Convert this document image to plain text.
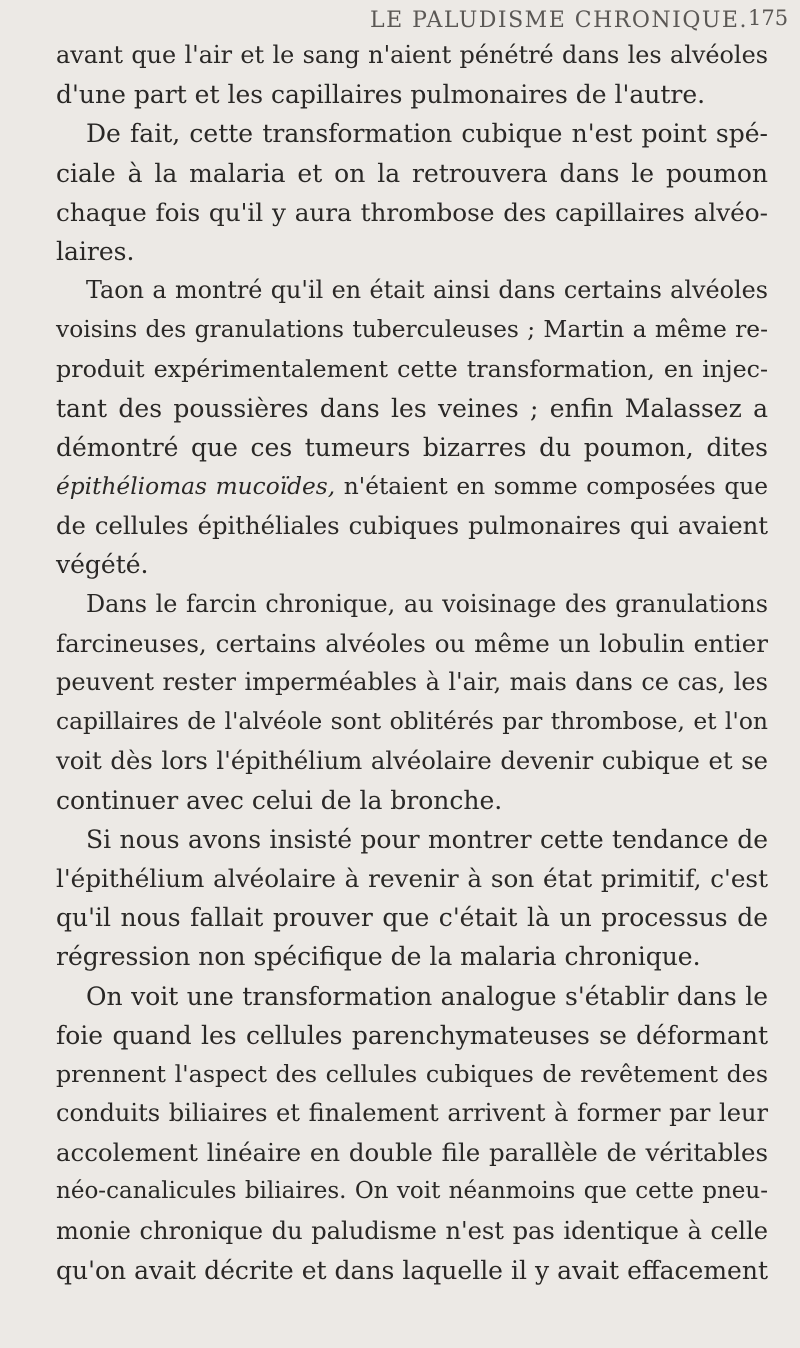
LE PALUDISME CHRONIQUE. 175
avant que l'air et le sang n'aient pénétré dans les alvéoles
d'une part et les capillaires pulmonaires de l'autre.
De fait, cette transformation cubique n'est point spé-
ciale à la malaria et on la retrouvera dans le poumon
chaque fois qu'il y aura thrombose des capillaires alvéo-
laires.
Taon a montré qu'il en était ainsi dans certains alvéoles
voisins des granulations tuberculeuses ; Martin a même re-
produit expérimentalement cette transformation, en injec-
tant des poussières dans les veines ; enfin Malassez a
démontré que ces tumeurs bizarres du poumon, dites
épithéliomas mucoïdes, n'étaient en somme composées que
de cellules épithéliales cubiques pulmonaires qui avaient
végété.
Dans le farcin chronique, au voisinage des granulations
farcineuses, certains alvéoles ou même un lobulin entier
peuvent rester imperméables à l'air, mais dans ce cas, les
capillaires de l'alvéole sont oblitérés par thrombose, et l'on
voit dès lors l'épithélium alvéolaire devenir cubique et se
continuer avec celui de la bronche.
Si nous avons insisté pour montrer cette tendance de
l'épithélium alvéolaire à revenir à son état primitif, c'est
qu'il nous fallait prouver que c'était là un processus de
régression non spécifique de la malaria chronique.
On voit une transformation analogue s'établir dans le
foie quand les cellules parenchymateuses se déformant
prennent l'aspect des cellules cubiques de revêtement des
conduits biliaires et finalement arrivent à former par leur
accolement linéaire en double file parallèle de véritables
néo-canalicules biliaires. On voit néanmoins que cette pneu-
monie chronique du paludisme n'est pas identique à celle
qu'on avait décrite et dans laquelle il y avait effacement
